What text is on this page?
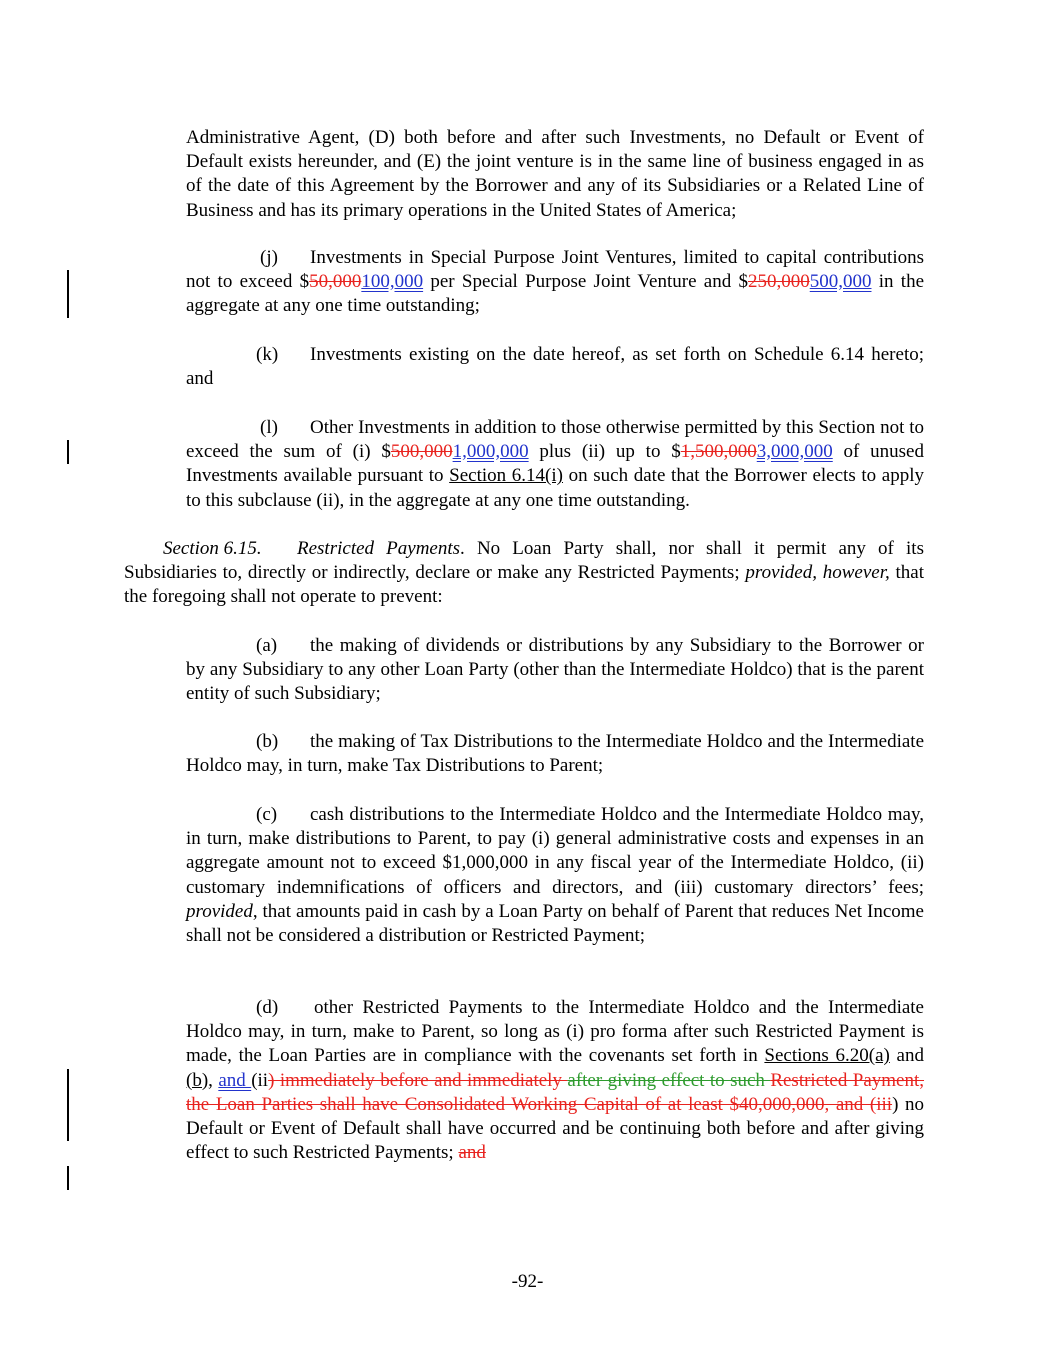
Administrative Agent, (D) both before and after such Investments, no Default or Event of Default exists hereunder, and (E) the joint venture is in the same line of business engaged in as of the date of this Agreement by the Borrower and any of its Subsidiaries or a Related Line of Business and has its primary operations in the United States of America;

(j) Investments in Special Purpose Joint Ventures, limited to capital contributions not to exceed $50,000100,000 per Special Purpose Joint Venture and $250,000500,000 in the aggregate at any one time outstanding;

(k) Investments existing on the date hereof, as set forth on Schedule 6.14 hereto; and

(l) Other Investments in addition to those otherwise permitted by this Section not to exceed the sum of (i) $500,0001,000,000 plus (ii) up to $1,500,0003,000,000 of unused Investments available pursuant to Section 6.14(i) on such date that the Borrower elects to apply to this subclause (ii), in the aggregate at any one time outstanding.

Section 6.15. Restricted Payments. No Loan Party shall, nor shall it permit any of its Subsidiaries to, directly or indirectly, declare or make any Restricted Payments; provided, however, that the foregoing shall not operate to prevent:

(a) the making of dividends or distributions by any Subsidiary to the Borrower or by any Subsidiary to any other Loan Party (other than the Intermediate Holdco) that is the parent entity of such Subsidiary;

(b) the making of Tax Distributions to the Intermediate Holdco and the Intermediate Holdco may, in turn, make Tax Distributions to Parent;

(c) cash distributions to the Intermediate Holdco and the Intermediate Holdco may, in turn, make distributions to Parent, to pay (i) general administrative costs and expenses in an aggregate amount not to exceed $1,000,000 in any fiscal year of the Intermediate Holdco, (ii) customary indemnifications of officers and directors, and (iii) customary directors’ fees; provided, that amounts paid in cash by a Loan Party on behalf of Parent that reduces Net Income shall not be considered a distribution or Restricted Payment;

(d) other Restricted Payments to the Intermediate Holdco and the Intermediate Holdco may, in turn, make to Parent, so long as (i) pro forma after such Restricted Payment is made, the Loan Parties are in compliance with the covenants set forth in Sections 6.20(a) and (b), and (ii) immediately before and immediately after giving effect to such Restricted Payment, the Loan Parties shall have Consolidated Working Capital of at least $40,000,000, and (iii) no Default or Event of Default shall have occurred and be continuing both before and after giving effect to such Restricted Payments; and

-92-
